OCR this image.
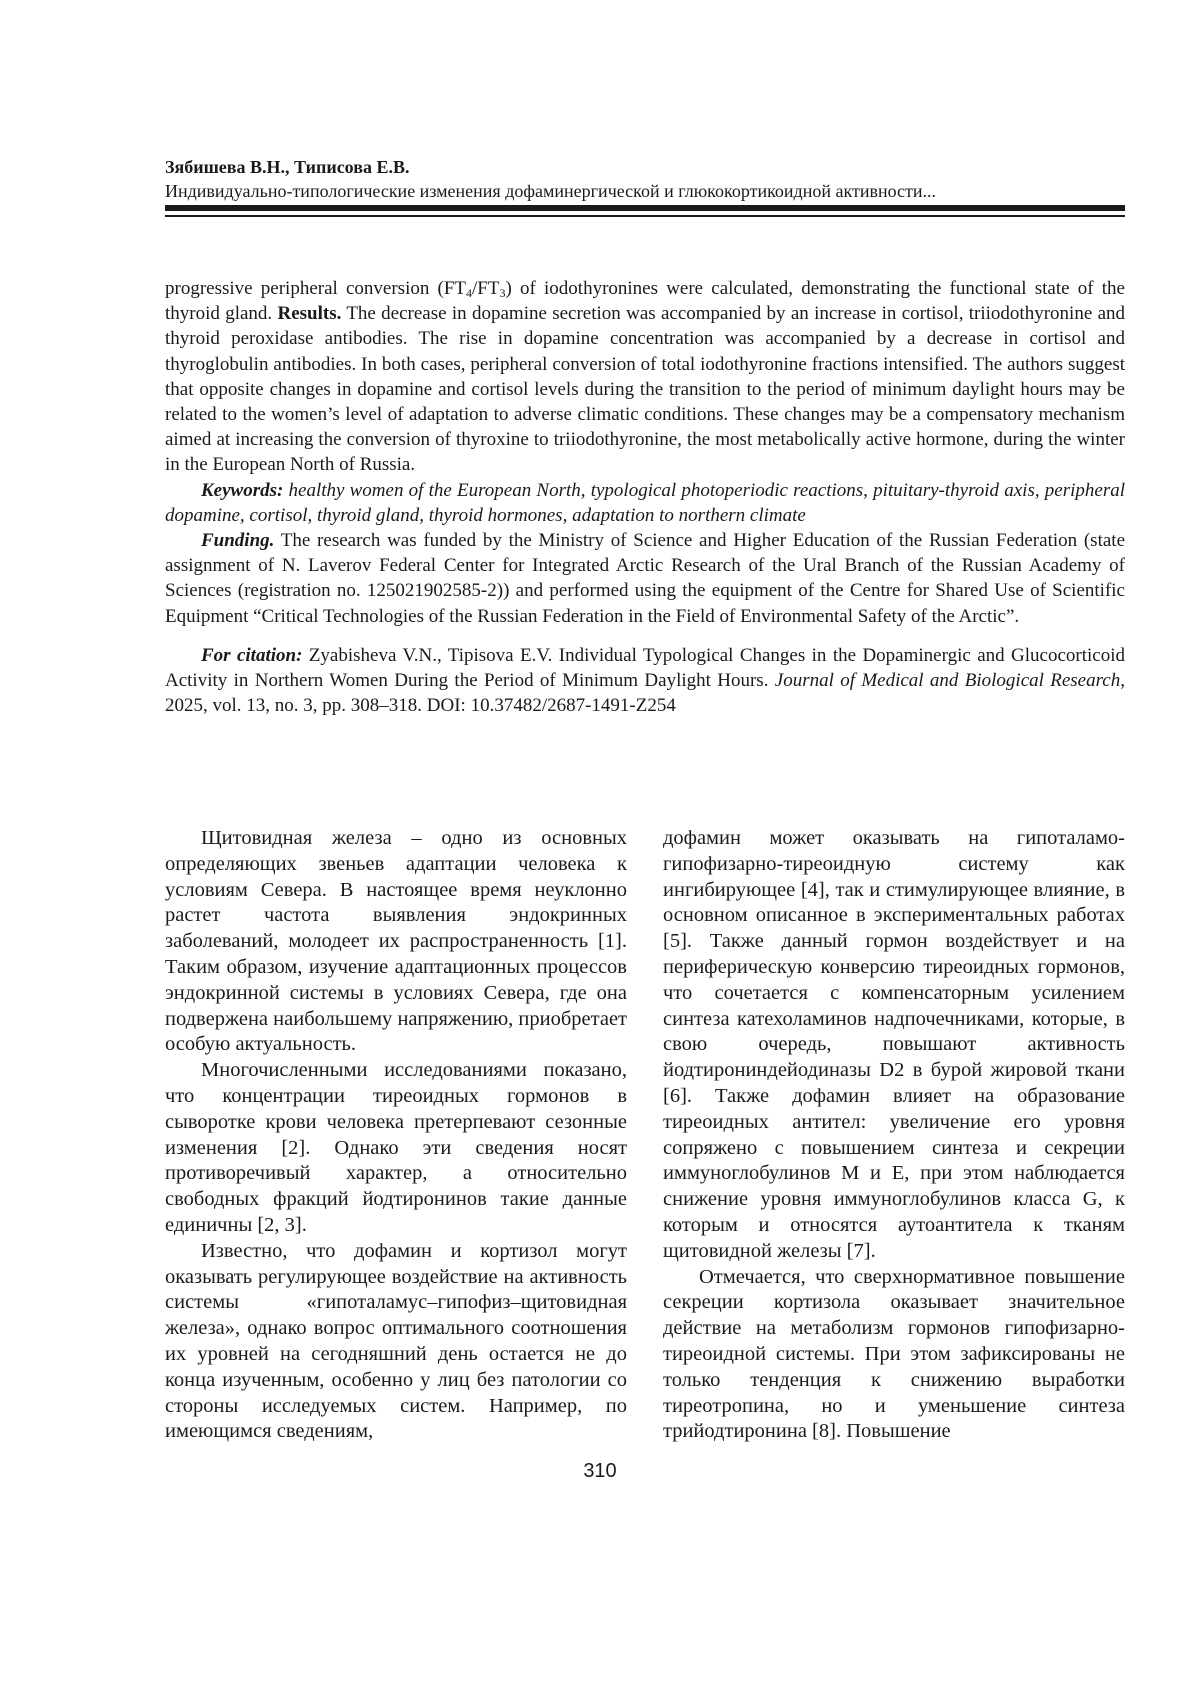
Зябишева В.Н., Типисова Е.В.
Индивидуально-типологические изменения дофаминергической и глюкокортикоидной активности...

progressive peripheral conversion $(FT_4/FT_3)$ of iodothyronines were calculated, demonstrating the functional state of the thyroid gland. Results. The decrease in dopamine secretion was accompanied by an increase in cortisol, triiodothyronine and thyroid peroxidase antibodies. The rise in dopamine concentration was accompanied by a decrease in cortisol and thyroglobulin antibodies. In both cases, peripheral conversion of total iodothyronine fractions intensified. The authors suggest that opposite changes in dopamine and cortisol levels during the transition to the period of minimum daylight hours may be related to the women’s level of adaptation to adverse climatic conditions. These changes may be a compensatory mechanism aimed at increasing the conversion of thyroxine to triiodothyronine, the most metabolically active hormone, during the winter in the European North of Russia.

Keywords: healthy women of the European North, typological photoperiodic reactions, pituitary-thyroid axis, peripheral dopamine, cortisol, thyroid gland, thyroid hormones, adaptation to northern climate

Funding. The research was funded by the Ministry of Science and Higher Education of the Russian Federation (state assignment of N. Laverov Federal Center for Integrated Arctic Research of the Ural Branch of the Russian Academy of Sciences (registration no. 125021902585-2)) and performed using the equipment of the Centre for Shared Use of Scientific Equipment “Critical Technologies of the Russian Federation in the Field of Environmental Safety of the Arctic”.

For citation: Zyabisheva V.N., Tipisova E.V. Individual Typological Changes in the Dopaminergic and Glucocorticoid Activity in Northern Women During the Period of Minimum Daylight Hours. Journal of Medical and Biological Research, 2025, vol. 13, no. 3, pp. 308–318. DOI: 10.37482/2687-1491-Z254

Щитовидная железа – одно из основных определяющих звеньев адаптации человека к условиям Севера. В настоящее время неуклонно растет частота выявления эндокринных заболеваний, молодеет их распространенность [1]. Таким образом, изучение адаптационных процессов эндокринной системы в условиях Севера, где она подвержена наибольшему напряжению, приобретает особую актуальность.

Многочисленными исследованиями показано, что концентрации тиреоидных гормонов в сыворотке крови человека претерпевают сезонные изменения [2]. Однако эти сведения носят противоречивый характер, а относительно свободных фракций йодтиронинов такие данные единичны [2, 3].

Известно, что дофамин и кортизол могут оказывать регулирующее воздействие на активность системы «гипоталамус–гипофиз–щитовидная железа», однако вопрос оптимального соотношения их уровней на сегодняшний день остается не до конца изученным, особенно у лиц без патологии со стороны исследуемых систем. Например, по имеющимся сведениям,

дофамин может оказывать на гипоталамо-гипофизарно-тиреоидную систему как ингибирующее [4], так и стимулирующее влияние, в основном описанное в экспериментальных работах [5]. Также данный гормон воздействует и на периферическую конверсию тиреоидных гормонов, что сочетается с компенсаторным усилением синтеза катехоламинов надпочечниками, которые, в свою очередь, повышают активность йодтирониндейодиназы D2 в бурой жировой ткани [6]. Также дофамин влияет на образование тиреоидных антител: увеличение его уровня сопряжено с повышением синтеза и секреции иммуноглобулинов M и E, при этом наблюдается снижение уровня иммуноглобулинов класса G, к которым и относятся аутоантитела к тканям щитовидной железы [7].

Отмечается, что сверхнормативное повышение секреции кортизола оказывает значительное действие на метаболизм гормонов гипофизарно-тиреоидной системы. При этом зафиксированы не только тенденция к снижению выработки тиреотропина, но и уменьшение синтеза трийодтиронина [8]. Повышение

310
